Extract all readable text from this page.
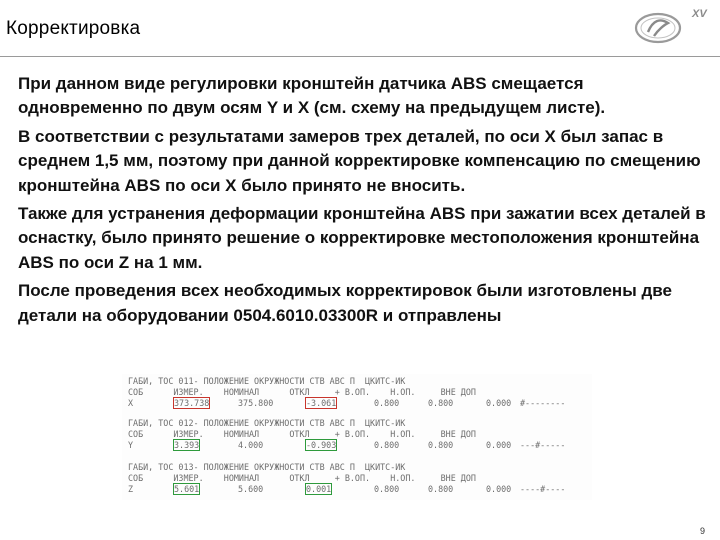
Корректировка
XV

При данном виде регулировки кронштейн датчика ABS смещается одновременно по двум осям Y и X (см. схему на предыдущем листе).

В соответствии с результатами замеров трех деталей, по оси Х был запас в среднем 1,5 мм, поэтому при данной корректировке компенсацию по смещению кронштейна ABS по оси Х было принято не вносить.

Также для устранения деформации кронштейна ABS при зажатии всех деталей в оснастку, было принято решение о корректировке местоположения кронштейна ABS по оси Z на 1 мм.

После проведения всех необходимых корректировок были изготовлены две детали на оборудовании 0504.6010.03300R и отправлены

ГАБИ, ТОС 011- ПОЛОЖЕНИЕ ОКРУЖНОСТИ СТВ АВС П  ЦКИТС-ИК
СОБ      ИЗМЕР.    НОМИНАЛ      ОТКЛ     + В.ОП.    Н.ОП.     ВНЕ ДОП
X	373.738	375.800	-3.061	0.800	0.800	0.000 #--------
ГАБИ, ТОС 012- ПОЛОЖЕНИЕ ОКРУЖНОСТИ СТВ АВС П  ЦКИТС-ИК
СОБ      ИЗМЕР.    НОМИНАЛ      ОТКЛ     + В.ОП.    Н.ОП.     ВНЕ ДОП
Y	3.393	4.000	-0.903	0.800	0.800	0.000 ---#-----
ГАБИ, ТОС 013- ПОЛОЖЕНИЕ ОКРУЖНОСТИ СТВ АВС П  ЦКИТС-ИК
СОБ      ИЗМЕР.    НОМИНАЛ      ОТКЛ     + В.ОП.    Н.ОП.     ВНЕ ДОП
Z	5.601	5.600	0.001	0.800	0.800	0.000 ----#----
9
